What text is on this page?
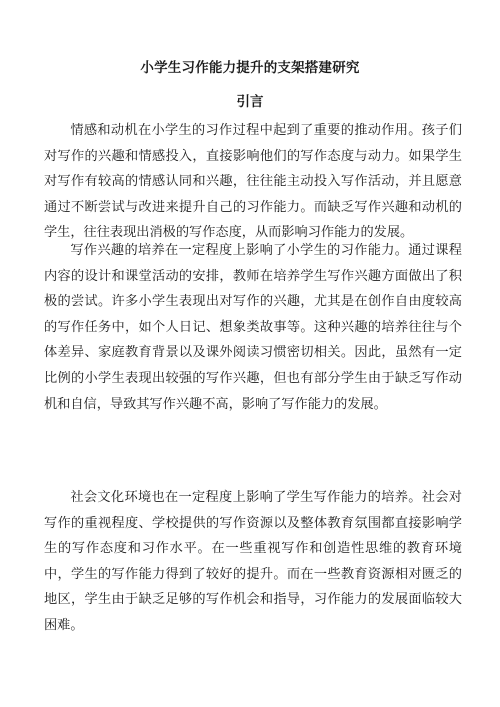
小学生习作能力提升的支架搭建研究
引言

情感和动机在小学生的习作过程中起到了重要的推动作用。孩子们对写作的兴趣和情感投入，直接影响他们的写作态度与动力。如果学生对写作有较高的情感认同和兴趣，往往能主动投入写作活动，并且愿意通过不断尝试与改进来提升自己的习作能力。而缺乏写作兴趣和动机的学生，往往表现出消极的写作态度，从而影响习作能力的发展。

写作兴趣的培养在一定程度上影响了小学生的习作能力。通过课程内容的设计和课堂活动的安排，教师在培养学生写作兴趣方面做出了积极的尝试。许多小学生表现出对写作的兴趣，尤其是在创作自由度较高的写作任务中，如个人日记、想象类故事等。这种兴趣的培养往往与个体差异、家庭教育背景以及课外阅读习惯密切相关。因此，虽然有一定比例的小学生表现出较强的写作兴趣，但也有部分学生由于缺乏写作动机和自信，导致其写作兴趣不高，影响了写作能力的发展。

社会文化环境也在一定程度上影响了学生写作能力的培养。社会对写作的重视程度、学校提供的写作资源以及整体教育氛围都直接影响学生的写作态度和习作水平。在一些重视写作和创造性思维的教育环境中，学生的写作能力得到了较好的提升。而在一些教育资源相对匮乏的地区，学生由于缺乏足够的写作机会和指导，习作能力的发展面临较大困难。
